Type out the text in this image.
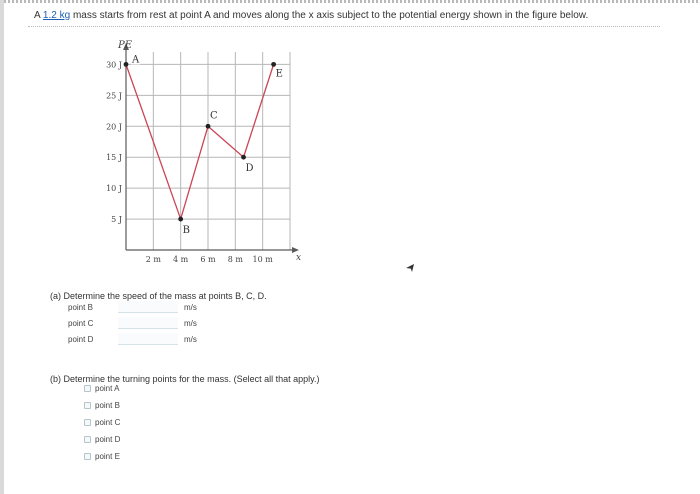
A 1.2 kg mass starts from rest at point A and moves along the x axis subject to the potential energy shown in the figure below.
30 J
25 J
20 J
15 J
10 J
5 J
2 m 4 m 6 m 8 m 10 m
A
B
C
D
E
PE
x
(a) Determine the speed of the mass at points B, C, D.
point B	m/s
point C	m/s
point D	m/s
(b) Determine the turning points for the mass. (Select all that apply.)
point A
point B
point C
point D
point E
